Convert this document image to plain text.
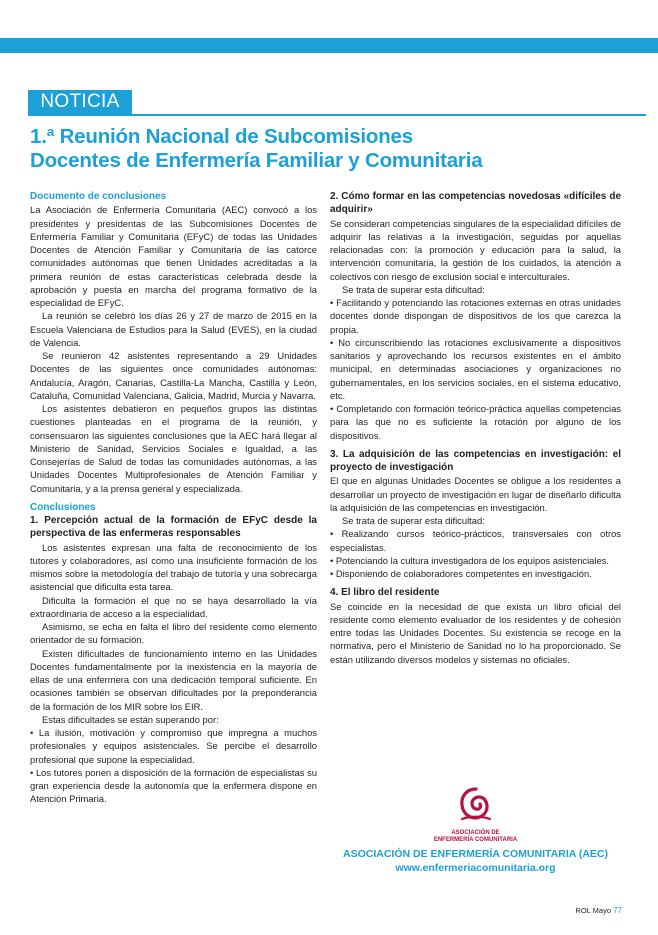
NOTICIA
1.ª Reunión Nacional de Subcomisiones
Docentes de Enfermería Familiar y Comunitaria

Documento de conclusiones

La Asociación de Enfermería Comunitaria (AEC) convocó a los presidentes y presidentas de las Subcomisiones Docentes de Enfermería Familiar y Comunitaria (EFyC) de todas las Unidades Docentes de Atención Familiar y Comunitaria de las catorce comunidades autónomas que tienen Unidades acreditadas a la primera reunión de estas características celebrada desde la aprobación y puesta en marcha del programa formativo de la especialidad de EFyC.

La reunión se celebró los días 26 y 27 de marzo de 2015 en la Escuela Valenciana de Estudios para la Salud (EVES), en la ciudad de Valencia.

Se reunieron 42 asistentes representando a 29 Unidades Docentes de las siguientes once comunidades autónomas: Andalucía, Aragón, Canarias, Castilla-La Mancha, Castilla y León, Cataluña, Comunidad Valenciana, Galicia, Madrid, Murcia y Navarra.

Los asistentes debatieron en pequeños grupos las distintas cuestiones planteadas en el programa de la reunión, y consensuaron las siguientes conclusiones que la AEC hará llegar al Ministerio de Sanidad, Servicios Sociales e Igualdad, a las Consejerías de Salud de todas las comunidades autónomas, a las Unidades Docentes Multiprofesionales de Atención Familiar y Comunitaria, y a la prensa general y especializada.

Conclusiones

1. Percepción actual de la formación de EFyC desde la perspectiva de las enfermeras responsables

Los asistentes expresan una falta de reconocimiento de los tutores y colaboradores, así como una insuficiente formación de los mismos sobre la metodología del trabajo de tutoría y una sobrecarga asistencial que dificulta esta tarea.

Dificulta la formación el que no se haya desarrollado la vía extraordinaria de acceso a la especialidad.

Asimismo, se echa en falta el libro del residente como elemento orientador de su formación.

Existen dificultades de funcionamiento interno en las Unidades Docentes fundamentalmente por la inexistencia en la mayoría de ellas de una enfermera con una dedicación temporal suficiente. En ocasiones también se observan dificultades por la preponderancia de la formación de los MIR sobre los EIR.

Estas dificultades se están superando por:

• La ilusión, motivación y compromiso que impregna a muchos profesionales y equipos asistenciales. Se percibe el desarrollo profesional que supone la especialidad.

• Los tutores ponen a disposición de la formación de especialistas su gran experiencia desde la autonomía que la enfermera dispone en Atención Primaria.

2. Cómo formar en las competencias novedosas «difíciles de adquirir»

Se consideran competencias singulares de la especialidad difíciles de adquirir las relativas a la investigación, seguidas por aquellas relacionadas con: la promoción y educación para la salud, la intervención comunitaria, la gestión de los cuidados, la atención a colectivos con riesgo de exclusión social e interculturales.

Se trata de superar esta dificultad:

• Facilitando y potenciando las rotaciones externas en otras unidades docentes donde dispongan de dispositivos de los que carezca la propia.

• No circunscribiendo las rotaciones exclusivamente a dispositivos sanitarios y aprovechando los recursos existentes en el ámbito municipal, en determinadas asociaciones y organizaciones no gubernamentales, en los servicios sociales, en el sistema educativo, etc.

• Completando con formación teórico-práctica aquellas competencias para las que no es suficiente la rotación por alguno de los dispositivos.

3. La adquisición de las competencias en investigación: el proyecto de investigación

El que en algunas Unidades Docentes se obligue a los residentes a desarrollar un proyecto de investigación en lugar de diseñarlo dificulta la adquisición de las competencias en investigación.

Se trata de superar esta dificultad:

• Realizando cursos teórico-prácticos, transversales con otros especialistas.

• Potenciando la cultura investigadora de los equipos asistenciales.

• Disponiendo de colaboradores competentes en investigación.

4. El libro del residente

Se coincide en la necesidad de que exista un libro oficial del residente como elemento evaluador de los residentes y de cohesión entre todas las Unidades Docentes. Su existencia se recoge en la normativa, pero el Ministerio de Sanidad no lo ha proporcionado. Se están utilizando diversos modelos y sistemas no oficiales.

ASOCIACIÓN DE
ENFERMERÍA COMUNITARIA
ASOCIACIÓN DE ENFERMERÍA COMUNITARIA (AEC)
www.enfermeriacomunitaria.org
ROL Mayo 77
